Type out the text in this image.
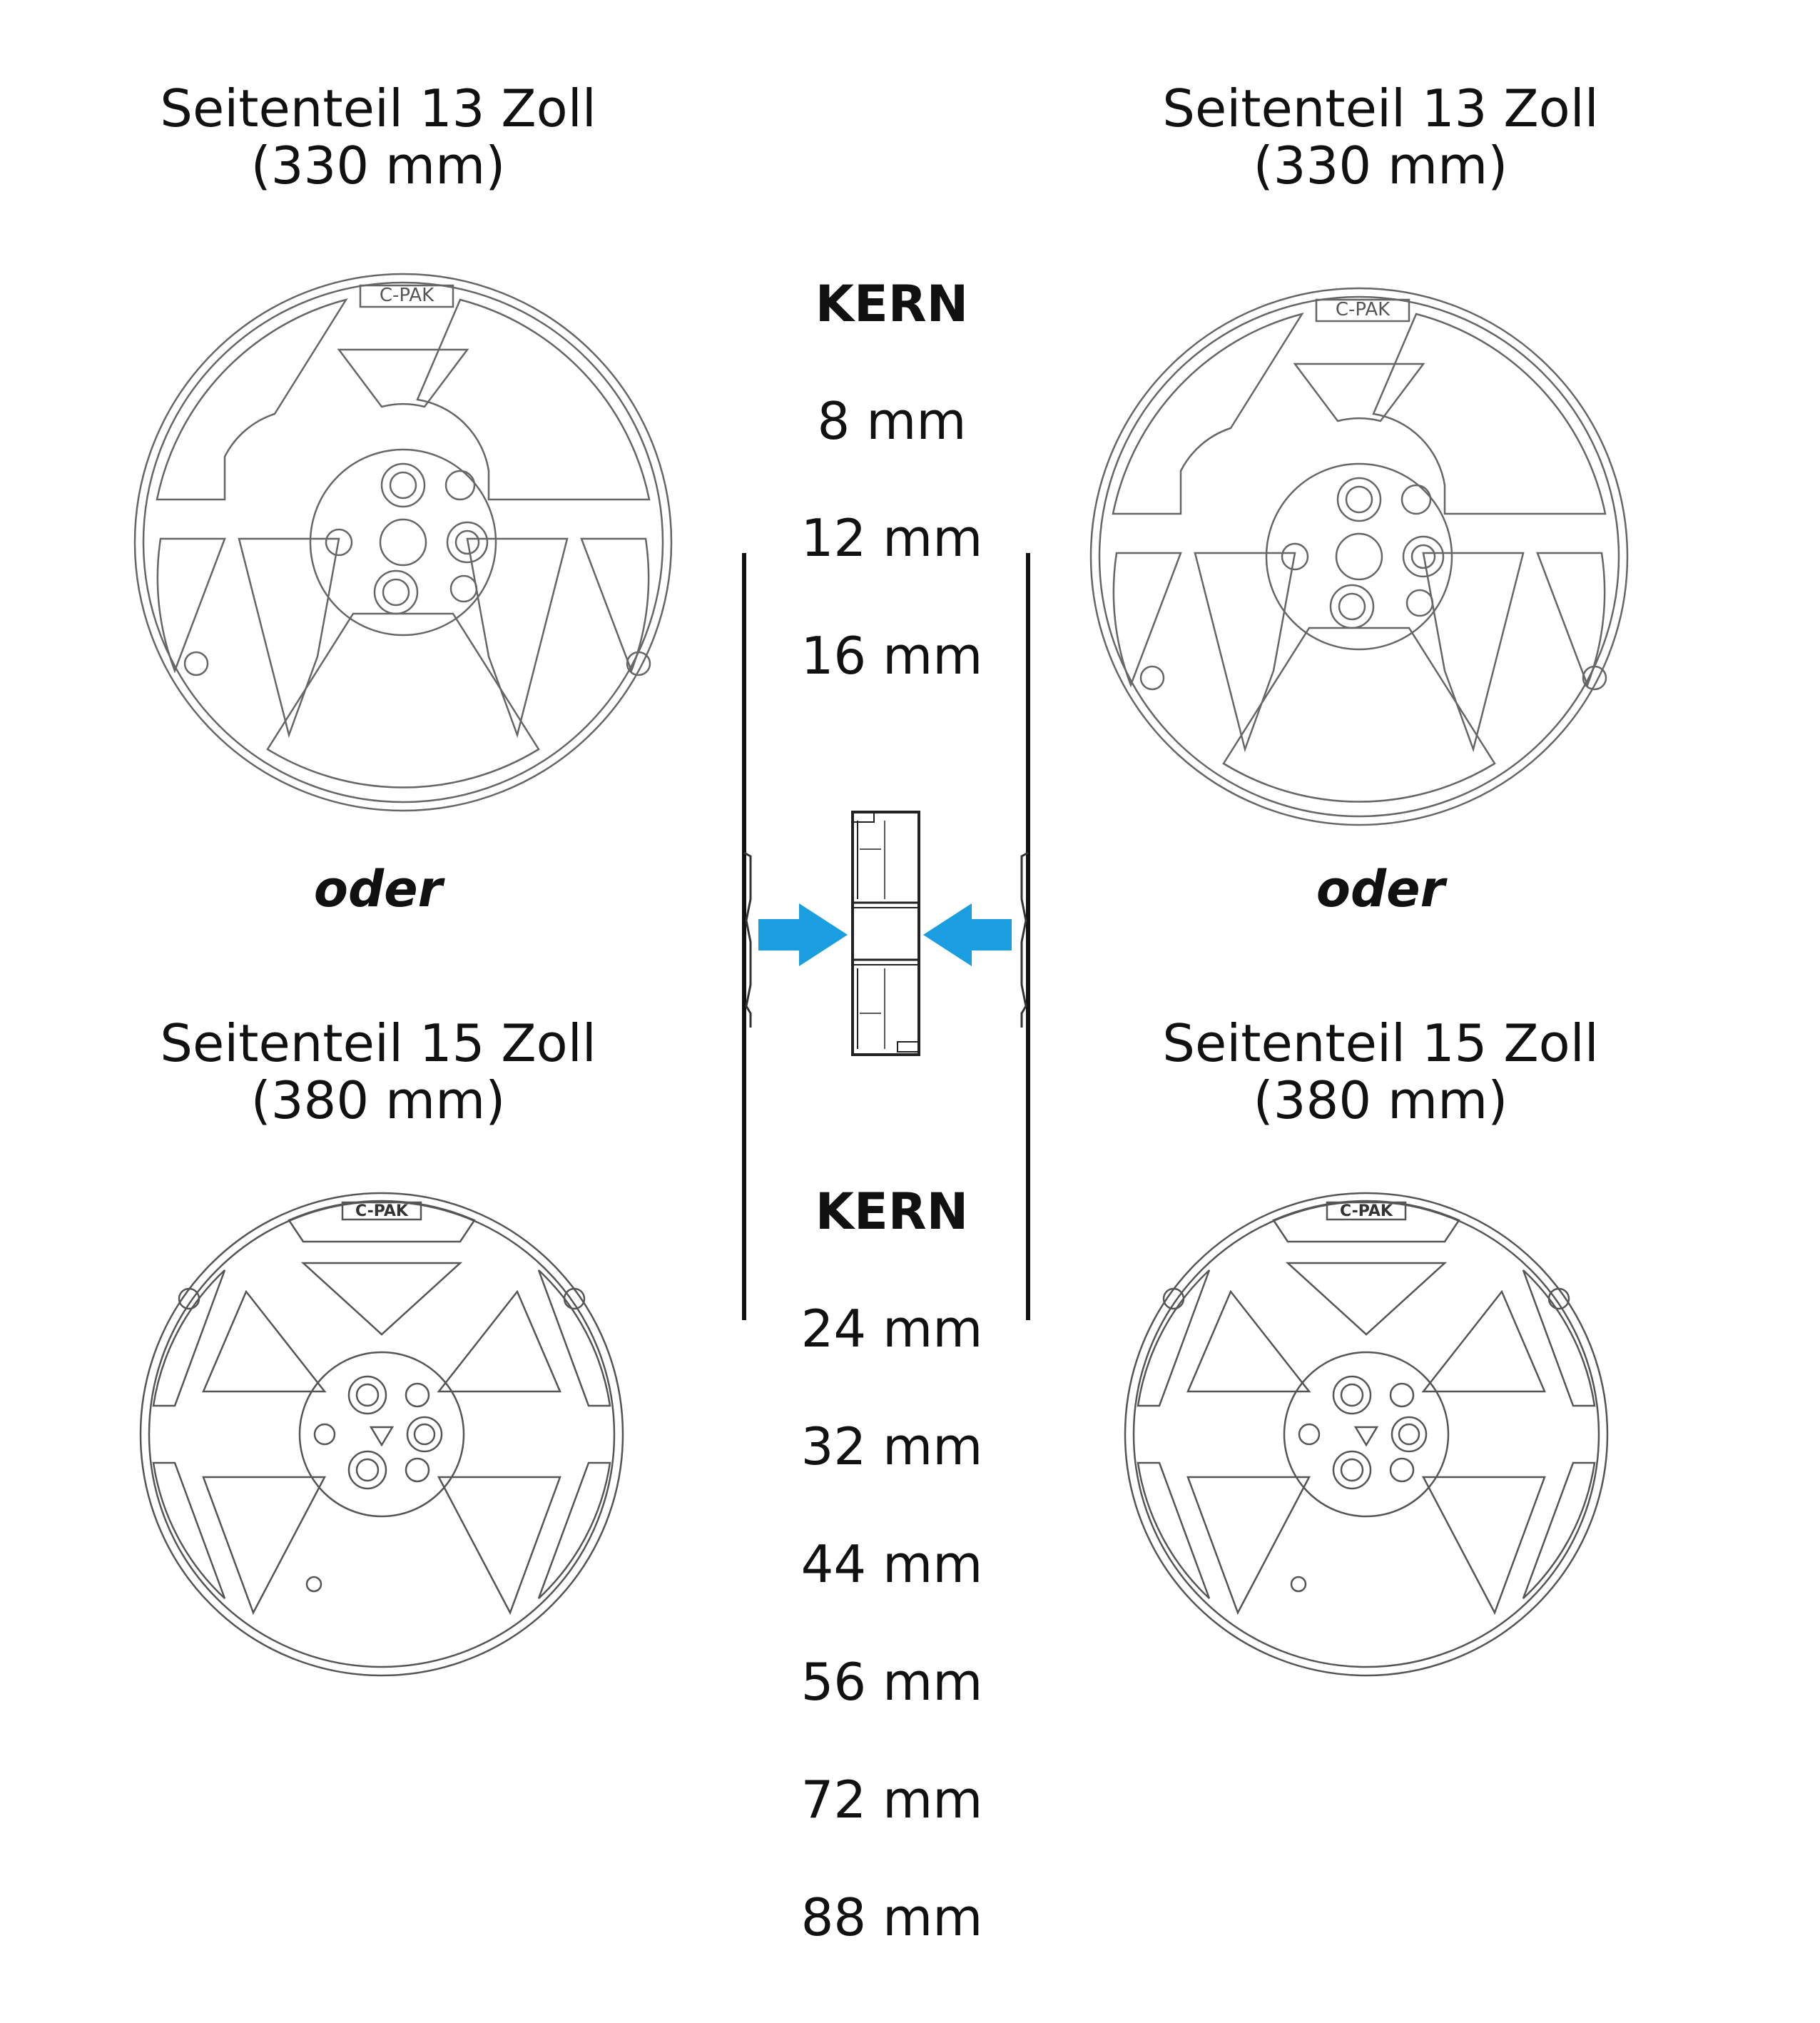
Seitenteil 13 Zoll
(330 mm)
Seitenteil 13 Zoll
(330 mm)
oder	oder
Seitenteil 15 Zoll
(380 mm)
Seitenteil 15 Zoll
(380 mm)
KERN
8 mm
12 mm
16 mm
KERN
24 mm
32 mm
44 mm
56 mm
72 mm
88 mm
C-PAK
C-PAK
C-PAK	C-PAK
